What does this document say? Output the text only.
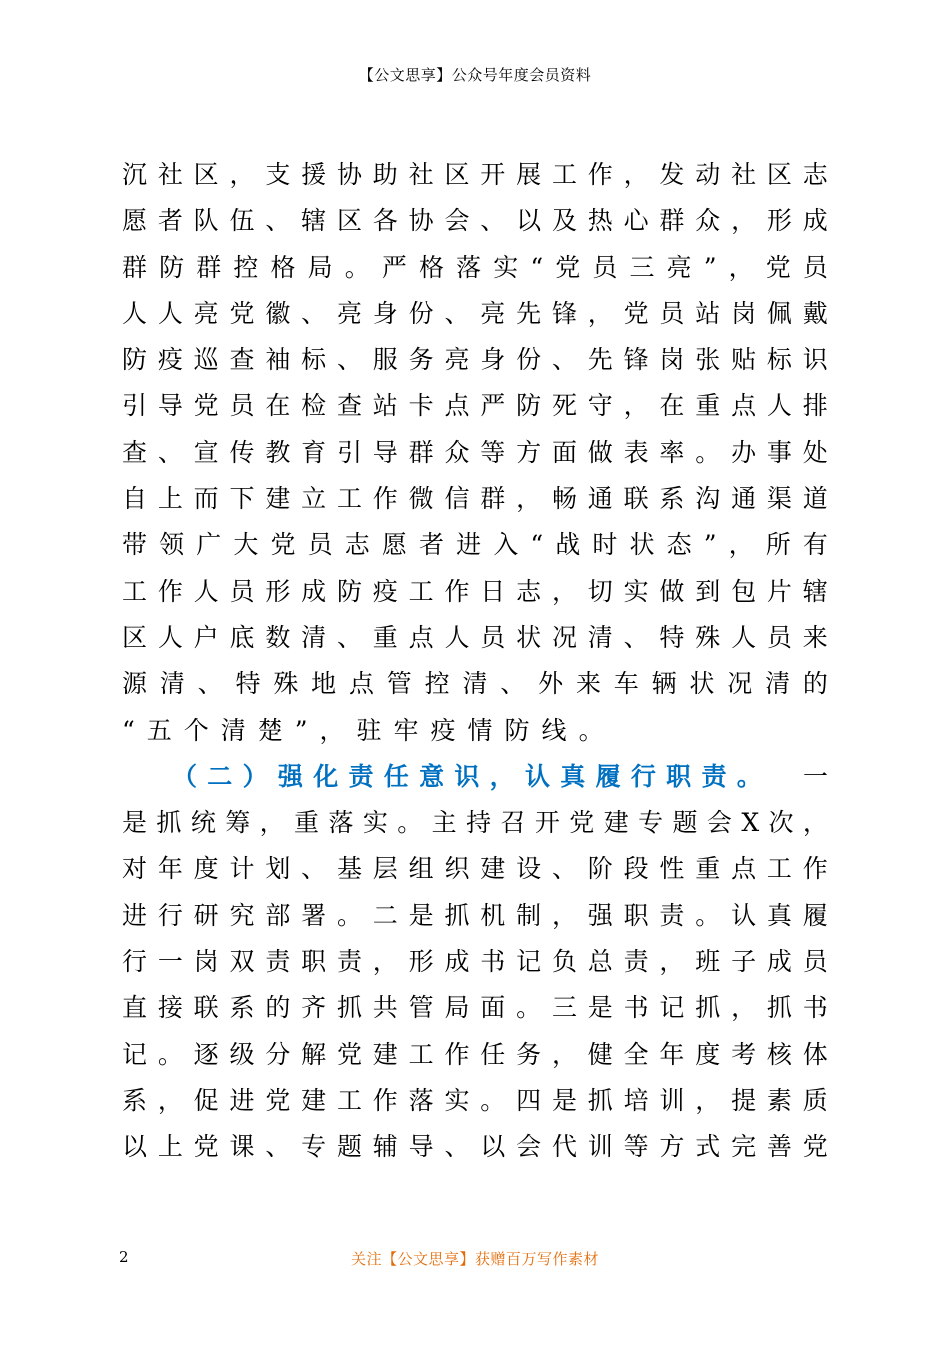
【公文思享】公众号年度会员资料
沉 社 区 ， 支 援 协 助 社 区 开 展 工 作 ， 发 动 社 区 志
愿 者 队 伍 、 辖 区 各 协 会 、 以 及 热 心 群 众 ， 形 成
群 防 群 控 格 局 。 严 格 落 实 “ 党 员 三 亮 ” ， 党 员
人 人 亮 党 徽 、 亮 身 份 、 亮 先 锋 ， 党 员 站 岗 佩 戴
防 疫 巡 查 袖 标 、 服 务 亮 身 份 、 先 锋 岗 张 贴 标 识
引 导 党 员 在 检 查 站 卡 点 严 防 死 守 ， 在 重 点 人 排
查 、 宣 传 教 育 引 导 群 众 等 方 面 做 表 率 。 办 事 处
自 上 而 下 建 立 工 作 微 信 群 ， 畅 通 联 系 沟 通 渠 道
带 领 广 大 党 员 志 愿 者 进 入 “ 战 时 状 态 ” ， 所 有
工 作 人 员 形 成 防 疫 工 作 日 志 ， 切 实 做 到 包 片 辖
区 人 户 底 数 清 、 重 点 人 员 状 况 清 、 特 殊 人 员 来
源 清 、 特 殊 地 点 管 控 清 、 外 来 车 辆 状 况 清 的
“五个清楚”，驻牢疫情防线。
（ 二 ） 强 化 责 任 意 识 ， 认 真 履 行 职 责 。 一
是 抓 统 筹 ， 重 落 实 。 主 持 召 开 党 建 专 题 会 X 次 ，
对 年 度 计 划 、 基 层 组 织 建 设 、 阶 段 性 重 点 工 作
进 行 研 究 部 署 。 二 是 抓 机 制 ， 强 职 责 。 认 真 履
行 一 岗 双 责 职 责 ， 形 成 书 记 负 总 责 ， 班 子 成 员
直 接 联 系 的 齐 抓 共 管 局 面 。 三 是 书 记 抓 ， 抓 书
记 。 逐 级 分 解 党 建 工 作 任 务 ， 健 全 年 度 考 核 体
系 ， 促 进 党 建 工 作 落 实 。 四 是 抓 培 训 ， 提 素 质
以 上 党 课 、 专 题 辅 导 、 以 会 代 训 等 方 式 完 善 党
2	关注【公文思享】获赠百万写作素材
